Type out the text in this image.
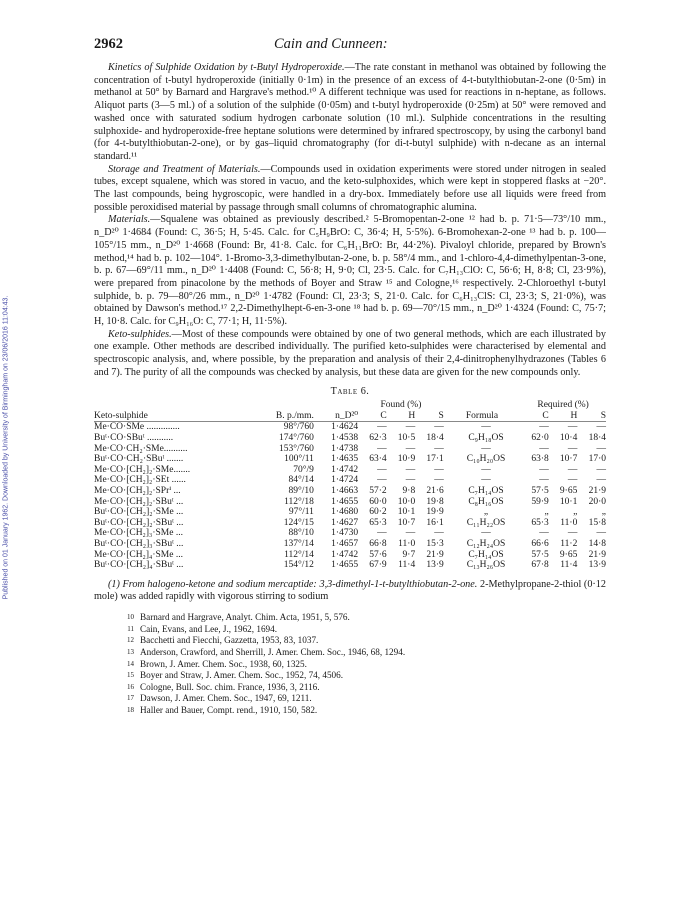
Published on 01 January 1962. Downloaded by University of Birmingham on 23/06/2016 11:04:43.
2962	Cain and Cunneen:

Kinetics of Sulphide Oxidation by t-Butyl Hydroperoxide.—The rate constant in methanol was obtained by following the concentration of t-butyl hydroperoxide (initially 0·1m) in the presence of an excess of 4-t-butylthiobutan-2-one (0·5m) in methanol at 50° by Barnard and Hargrave's method.¹⁰ A different technique was used for reactions in n-heptane, as follows. Aliquot parts (3—5 ml.) of a solution of the sulphide (0·05m) and t-butyl hydroperoxide (0·25m) at 50° were removed and washed once with saturated sodium hydrogen carbonate solution (10 ml.). Sulphide concentrations in the resulting sulphoxide- and hydroperoxide-free heptane solutions were determined by infrared spectroscopy, by using the carbonyl band (for 4-t-butylthiobutan-2-one), or by gas–liquid chromatography (for di-t-butyl sulphide) with n-decane as an internal standard.¹¹

Storage and Treatment of Materials.—Compounds used in oxidation experiments were stored under nitrogen in sealed tubes, except squalene, which was stored in vacuo, and the keto-sulphoxides, which were kept in stoppered flasks at −20°. The last compounds, being hygroscopic, were handled in a dry-box. Immediately before use all liquids were freed from possible peroxidised material by passage through small columns of chromatographic alumina.

Materials.—Squalene was obtained as previously described.² 5-Bromopentan-2-one ¹² had b. p. 71·5—73°/10 mm., n_D²⁰ 1·4684 (Found: C, 36·5; H, 5·45. Calc. for C₅H₉BrO: C, 36·4; H, 5·5%). 6-Bromohexan-2-one ¹³ had b. p. 100—105°/15 mm., n_D²⁰ 1·4668 (Found: Br, 41·8. Calc. for C₆H₁₁BrO: Br, 44·2%). Pivaloyl chloride, prepared by Brown's method,¹⁴ had b. p. 102—104°. 1-Bromo-3,3-dimethylbutan-2-one, b. p. 58°/4 mm., and 1-chloro-4,4-dimethylpentan-3-one, b. p. 67—69°/11 mm., n_D²⁰ 1·4408 (Found: C, 56·8; H, 9·0; Cl, 23·5. Calc. for C₇H₁₃ClO: C, 56·6; H, 8·8; Cl, 23·9%), were prepared from pinacolone by the methods of Boyer and Straw ¹⁵ and Cologne,¹⁶ respectively. 2-Chloroethyl t-butyl sulphide, b. p. 79—80°/26 mm., n_D²⁰ 1·4782 (Found: Cl, 23·3; S, 21·0. Calc. for C₆H₁₃ClS: Cl, 23·3; S, 21·0%), was obtained by Dawson's method.¹⁷ 2,2-Dimethylhept-6-en-3-one ¹⁸ had b. p. 69—70°/15 mm., n_D²⁰ 1·4324 (Found: C, 75·7; H, 10·8. Calc. for C₉H₁₆O: C, 77·1; H, 11·5%).

Keto-sulphides.—Most of these compounds were obtained by one of two general methods, which are each illustrated by one example. Other methods are described individually. The purified keto-sulphides were characterised by elemental and spectroscopic analysis, and, where possible, by the preparation and analysis of their 2,4-dinitrophenylhydrazones (Tables 6 and 7). The purity of all the compounds was checked by analysis, but these data are given for the new compounds only.

Table 6.
			Found (%)				Required (%)		
Keto-sulphide	B. p./mm.	n_D²⁰	C	H	S	Formula	C	H	S
Me·CO·SMe ..............	98°/760	1·4624	—	—	—	—	—	—	—
Buᵗ·CO·SBuᵗ ...........	174°/760	1·4538	62·3	10·5	18·4	C₉H₁₈OS	62·0	10·4	18·4
Me·CO·CH₂·SMe..........	153°/760	1·4738	—	—	—	—	—	—	—
Buᵗ·CO·CH₂·SBuᵗ .......	100°/11	1·4635	63·4	10·9	17·1	C₁₀H₂₀OS	63·8	10·7	17·0
Me·CO·[CH₂]₂·SMe.......	70°/9	1·4742	—	—	—	—	—	—	—
Me·CO·[CH₂]₂·SEt ......	84°/14	1·4724	—	—	—	—	—	—	—
Me·CO·[CH₂]₂·SPrⁱ ...	89°/10	1·4663	57·2	9·8	21·6	C₇H₁₄OS	57·5	9·65	21·9
Me·CO·[CH₂]₂·SBuᵗ ...	112°/18	1·4655	60·0	10·0	19·8	C₈H₁₆OS	59·9	10·1	20·0
Buᵗ·CO·[CH₂]₂·SMe ...	97°/11	1·4680	60·2	10·1	19·9	„	„	„	„
Buᵗ·CO·[CH₂]₂·SBuᵗ ...	124°/15	1·4627	65·3	10·7	16·1	C₁₁H₂₂OS	65·3	11·0	15·8
Me·CO·[CH₂]₃·SMe ...	88°/10	1·4730	—	—	—	—	—	—	—
Buᵗ·CO·[CH₂]₃·SBuᵗ ...	137°/14	1·4657	66·8	11·0	15·3	C₁₂H₂₄OS	66·6	11·2	14·8
Me·CO·[CH₂]₄·SMe ...	112°/14	1·4742	57·6	9·7	21·9	C₇H₁₄OS	57·5	9·65	21·9
Buᵗ·CO·[CH₂]₄·SBuᵗ ...	154°/12	1·4655	67·9	11·4	13·9	C₁₃H₂₆OS	67·8	11·4	13·9

(1) From halogeno-ketone and sodium mercaptide: 3,3-dimethyl-1-t-butylthiobutan-2-one. 2-Methylpropane-2-thiol (0·12 mole) was added rapidly with vigorous stirring to sodium

10 Barnard and Hargrave, Analyt. Chim. Acta, 1951, 5, 576.
11 Cain, Evans, and Lee, J., 1962, 1694.
12 Bacchetti and Fiecchi, Gazzetta, 1953, 83, 1037.
13 Anderson, Crawford, and Sherrill, J. Amer. Chem. Soc., 1946, 68, 1294.
14 Brown, J. Amer. Chem. Soc., 1938, 60, 1325.
15 Boyer and Straw, J. Amer. Chem. Soc., 1952, 74, 4506.
16 Cologne, Bull. Soc. chim. France, 1936, 3, 2116.
17 Dawson, J. Amer. Chem. Soc., 1947, 69, 1211.
18 Haller and Bauer, Compt. rend., 1910, 150, 582.
